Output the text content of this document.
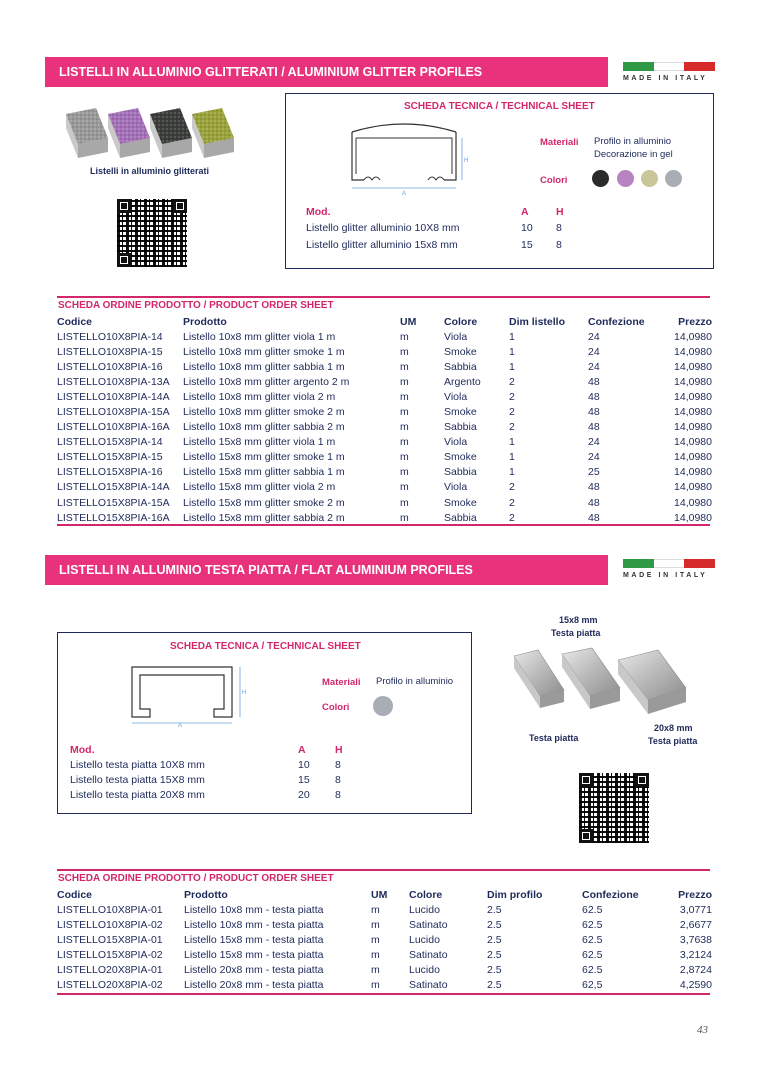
LISTELLI IN ALLUMINIO GLITTERATI / ALUMINIUM GLITTER PROFILES	MADE IN ITALY
Listelli in alluminio glitterati
SCHEDA TECNICA / TECHNICAL SHEET
H
A
Materiali Profilo in alluminio
Decorazione in gel
Colori
Mod.	A	H
Listello glitter alluminio 10X8 mm	10 8
Listello glitter alluminio 15x8 mm	15 8
SCHEDA ORDINE PRODOTTO / PRODUCT ORDER SHEET
Codice	Prodotto	UM	Colore	Dim listello	Confezione	Prezzo
LISTELLO10X8PIA-14	Listello 10x8 mm glitter viola 1 m	m	Viola	1	24	14,0980
LISTELLO10X8PIA-15	Listello 10x8 mm glitter smoke 1 m	m	Smoke	1	24	14,0980
LISTELLO10X8PIA-16	Listello 10x8 mm glitter sabbia 1 m	m	Sabbia	1	24	14,0980
LISTELLO10X8PIA-13A	Listello 10x8 mm glitter argento 2 m	m	Argento	2	48	14,0980
LISTELLO10X8PIA-14A	Listello 10x8 mm glitter viola 2 m	m	Viola	2	48	14,0980
LISTELLO10X8PIA-15A	Listello 10x8 mm glitter smoke 2 m	m	Smoke	2	48	14,0980
LISTELLO10X8PIA-16A	Listello 10x8 mm glitter sabbia 2 m	m	Sabbia	2	48	14,0980
LISTELLO15X8PIA-14	Listello 15x8 mm glitter viola 1 m	m	Viola	1	24	14,0980
LISTELLO15X8PIA-15	Listello 15x8 mm glitter smoke 1 m	m	Smoke	1	24	14,0980
LISTELLO15X8PIA-16	Listello 15x8 mm glitter sabbia 1 m	m	Sabbia	1	25	14,0980
LISTELLO15X8PIA-14A	Listello 15x8 mm glitter viola 2 m	m	Viola	2	48	14,0980
LISTELLO15X8PIA-15A	Listello 15x8 mm glitter smoke 2 m	m	Smoke	2	48	14,0980
LISTELLO15X8PIA-16A	Listello 15x8 mm glitter sabbia 2 m	m	Sabbia	2	48	14,0980
LISTELLI IN ALLUMINIO TESTA PIATTA / FLAT ALUMINIUM PROFILES	MADE IN ITALY
SCHEDA TECNICA / TECHNICAL SHEET
H
A
Materiali Profilo in alluminio
Colori
Mod.	A	H
Listello testa piatta 10X8 mm	10 8
Listello testa piatta 15X8 mm	15 8
Listello testa piatta 20X8 mm	20 8
15x8 mm
Testa piatta
Testa piatta
20x8 mm
Testa piatta
SCHEDA ORDINE PRODOTTO / PRODUCT ORDER SHEET
Codice	Prodotto	UM	Colore	Dim profilo	Confezione	Prezzo
LISTELLO10X8PIA-01	Listello 10x8 mm - testa piatta	m	Lucido	2.5	62.5	3,0771
LISTELLO10X8PIA-02	Listello 10x8 mm - testa piatta	m	Satinato	2.5	62.5	2,6677
LISTELLO15X8PIA-01	Listello 15x8 mm - testa piatta	m	Lucido	2.5	62.5	3,7638
LISTELLO15X8PIA-02	Listello 15x8 mm - testa piatta	m	Satinato	2.5	62.5	3,2124
LISTELLO20X8PIA-01	Listello 20x8 mm - testa piatta	m	Lucido	2.5	62.5	2,8724
LISTELLO20X8PIA-02	Listello 20x8 mm - testa piatta	m	Satinato	2.5	62,5	4,2590
43
